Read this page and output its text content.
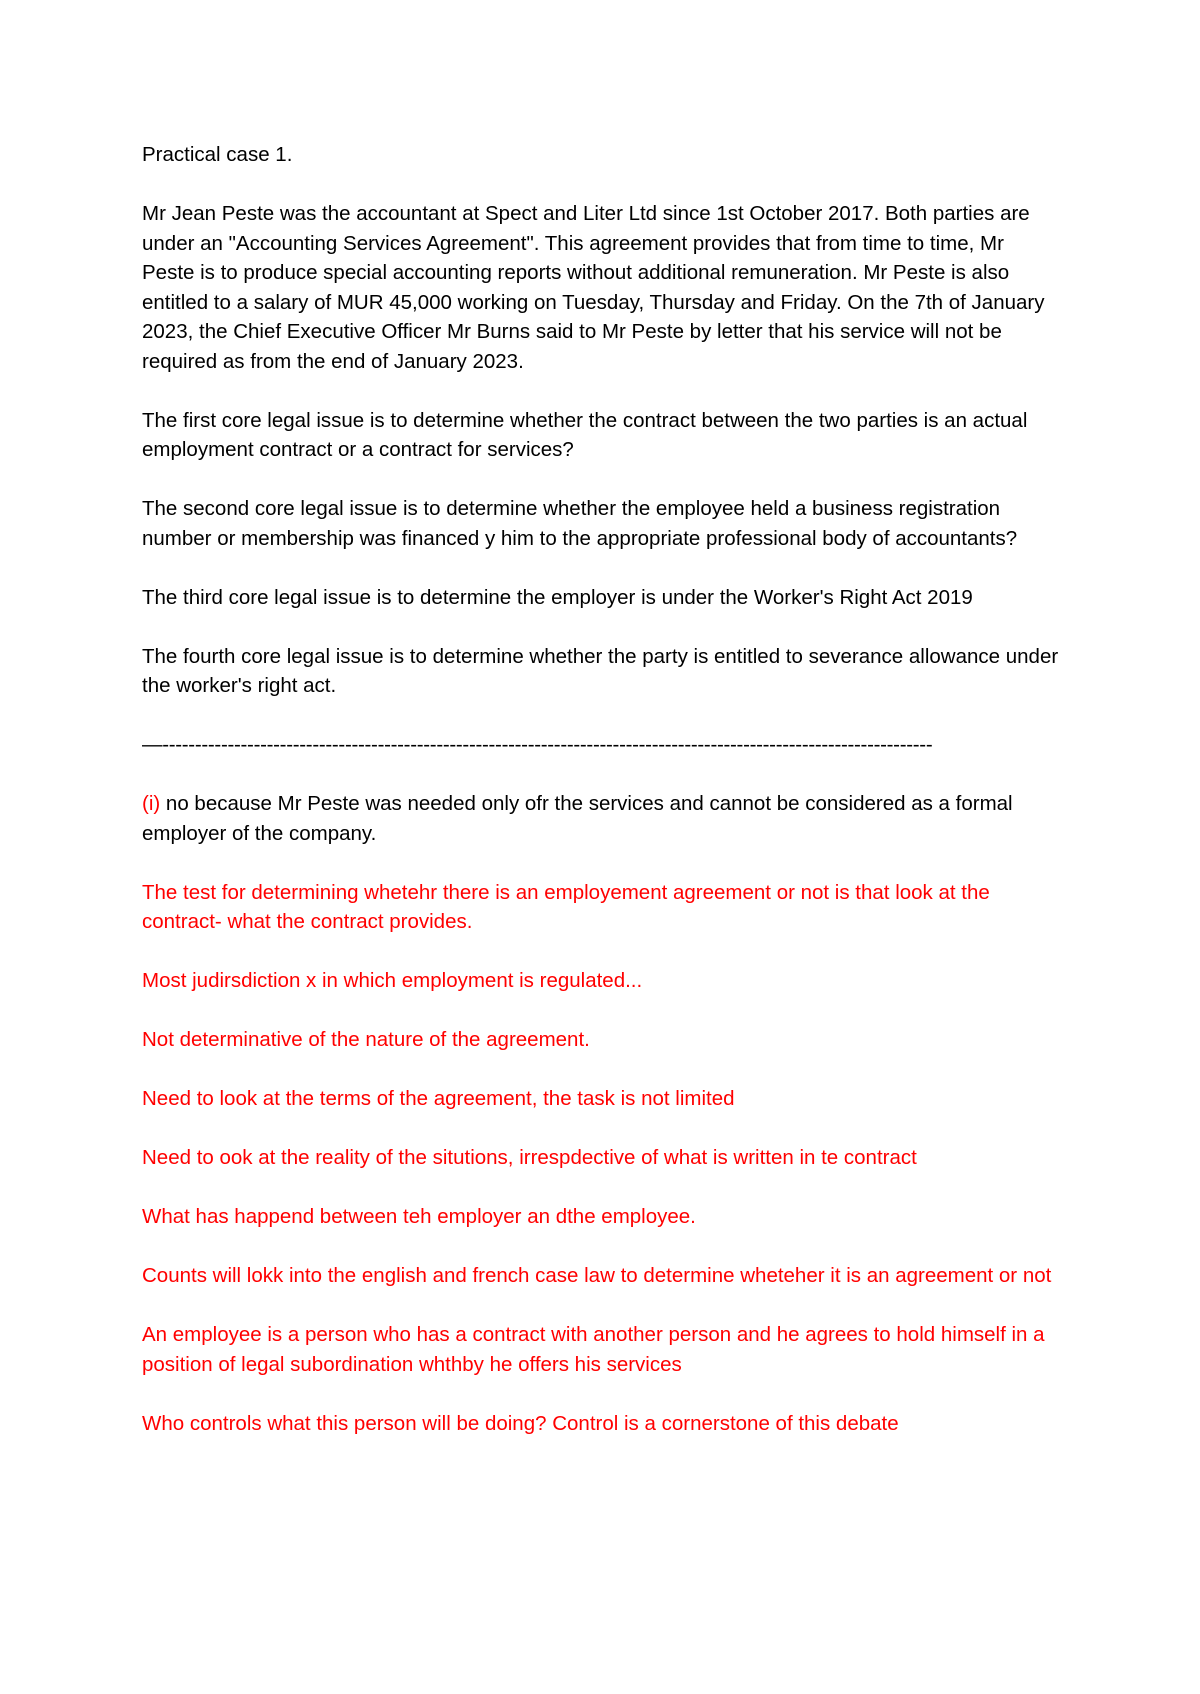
Practical case 1.

Mr Jean Peste was the accountant at Spect and Liter Ltd since 1st October 2017. Both parties are under an "Accounting Services Agreement". This agreement provides that from time to time, Mr Peste is to produce special accounting reports without additional remuneration. Mr Peste is also entitled to a salary of MUR 45,000 working on Tuesday, Thursday and Friday. On the 7th of January 2023, the Chief Executive Officer Mr Burns said to Mr Peste by letter that his service will not be required as from the end of January 2023.

The first core legal issue is to determine whether the contract between the two parties is an actual employment contract or a contract for services?

The second core legal issue is to determine whether the employee held a business registration number or membership was financed y him to the appropriate professional body of accountants?

The third core legal issue is to determine the employer is under the Worker's Right Act 2019

The fourth core legal issue is to determine whether the party is entitled to severance allowance under the worker's right act.

—----------------------------------------------------------------------------------------------------------------------

(i) no because Mr Peste was needed only ofr the services and cannot be considered as a formal employer of the company.

The test for determining whetehr there is an employement agreement or not is that look at the contract- what the contract provides.

Most judirsdiction x in which employment is regulated...

Not determinative of the nature of the agreement.

Need to look at the terms of the agreement, the task is not limited

Need to ook at the reality of the situtions, irrespdective of what is written in te contract

What has happend between teh employer an dthe employee.

Counts will lokk into the english and french case law to determine wheteher it is an agreement or not

An employee is a person who has a contract with another person and he agrees to hold himself in a position of legal subordination whthby he offers his services

Who controls what this person will be doing? Control is a cornerstone of this debate
